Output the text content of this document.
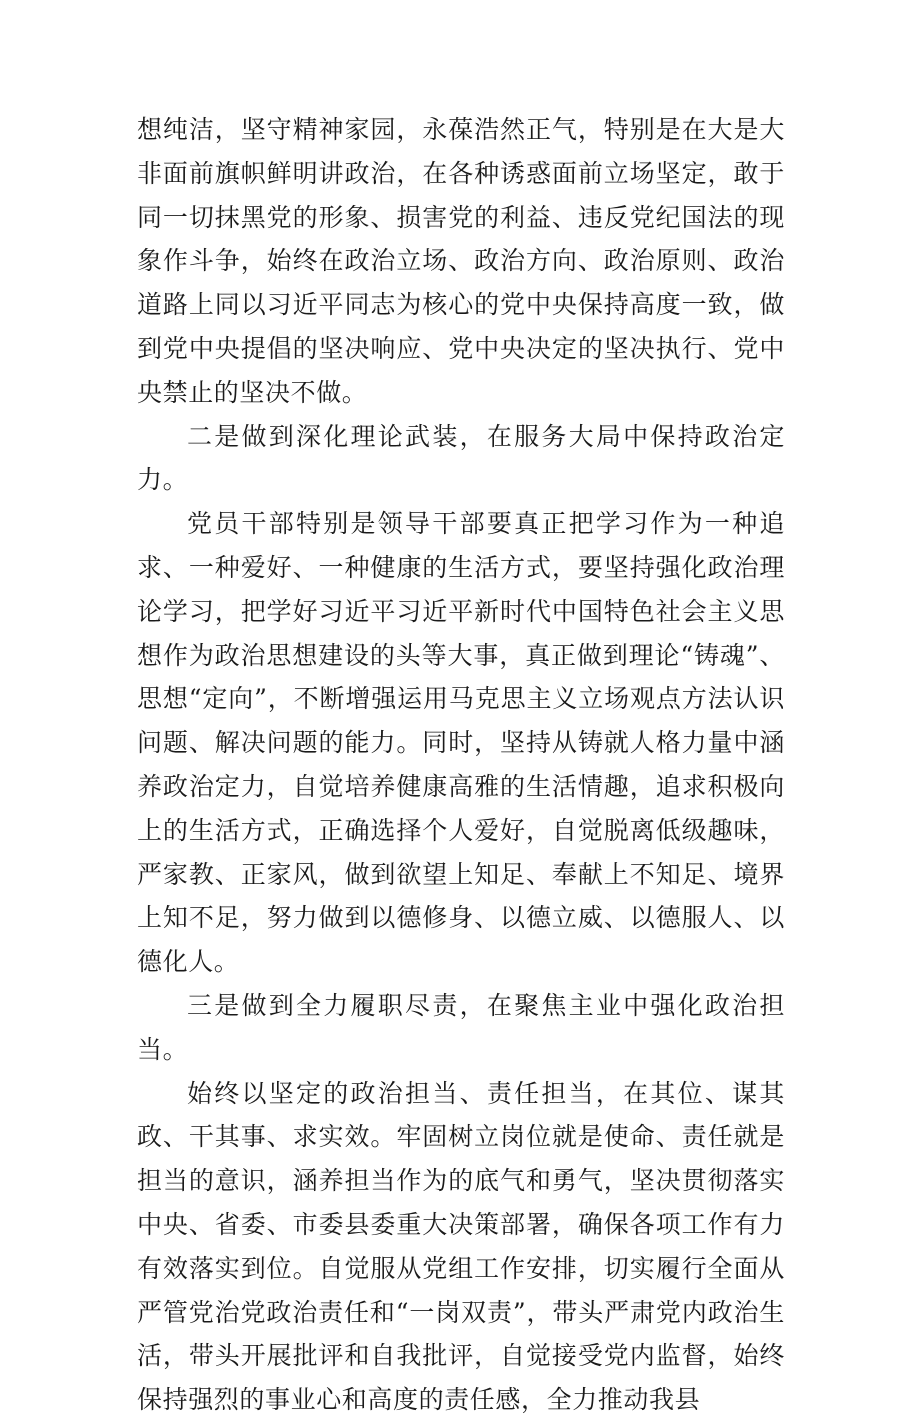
想纯洁，坚守精神家园，永葆浩然正气，特别是在大是大非面前旗帜鲜明讲政治，在各种诱惑面前立场坚定，敢于同一切抹黑党的形象、损害党的利益、违反党纪国法的现象作斗争，始终在政治立场、政治方向、政治原则、政治道路上同以习近平同志为核心的党中央保持高度一致，做到党中央提倡的坚决响应、党中央决定的坚决执行、党中央禁止的坚决不做。

二是做到深化理论武装，在服务大局中保持政治定力。

党员干部特别是领导干部要真正把学习作为一种追求、一种爱好、一种健康的生活方式，要坚持强化政治理论学习，把学好习近平习近平新时代中国特色社会主义思想作为政治思想建设的头等大事，真正做到理论“铸魂”、思想“定向”，不断增强运用马克思主义立场观点方法认识问题、解决问题的能力。同时，坚持从铸就人格力量中涵养政治定力，自觉培养健康高雅的生活情趣，追求积极向上的生活方式，正确选择个人爱好，自觉脱离低级趣味，严家教、正家风，做到欲望上知足、奉献上不知足、境界上知不足，努力做到以德修身、以德立威、以德服人、以德化人。

三是做到全力履职尽责，在聚焦主业中强化政治担当。

始终以坚定的政治担当、责任担当，在其位、谋其政、干其事、求实效。牢固树立岗位就是使命、责任就是担当的意识，涵养担当作为的底气和勇气，坚决贯彻落实中央、省委、市委县委重大决策部署，确保各项工作有力有效落实到位。自觉服从党组工作安排，切实履行全面从严管党治党政治责任和“一岗双责”，带头严肃党内政治生活，带头开展批评和自我批评，自觉接受党内监督，始终保持强烈的事业心和高度的责任感，全力推动我县
